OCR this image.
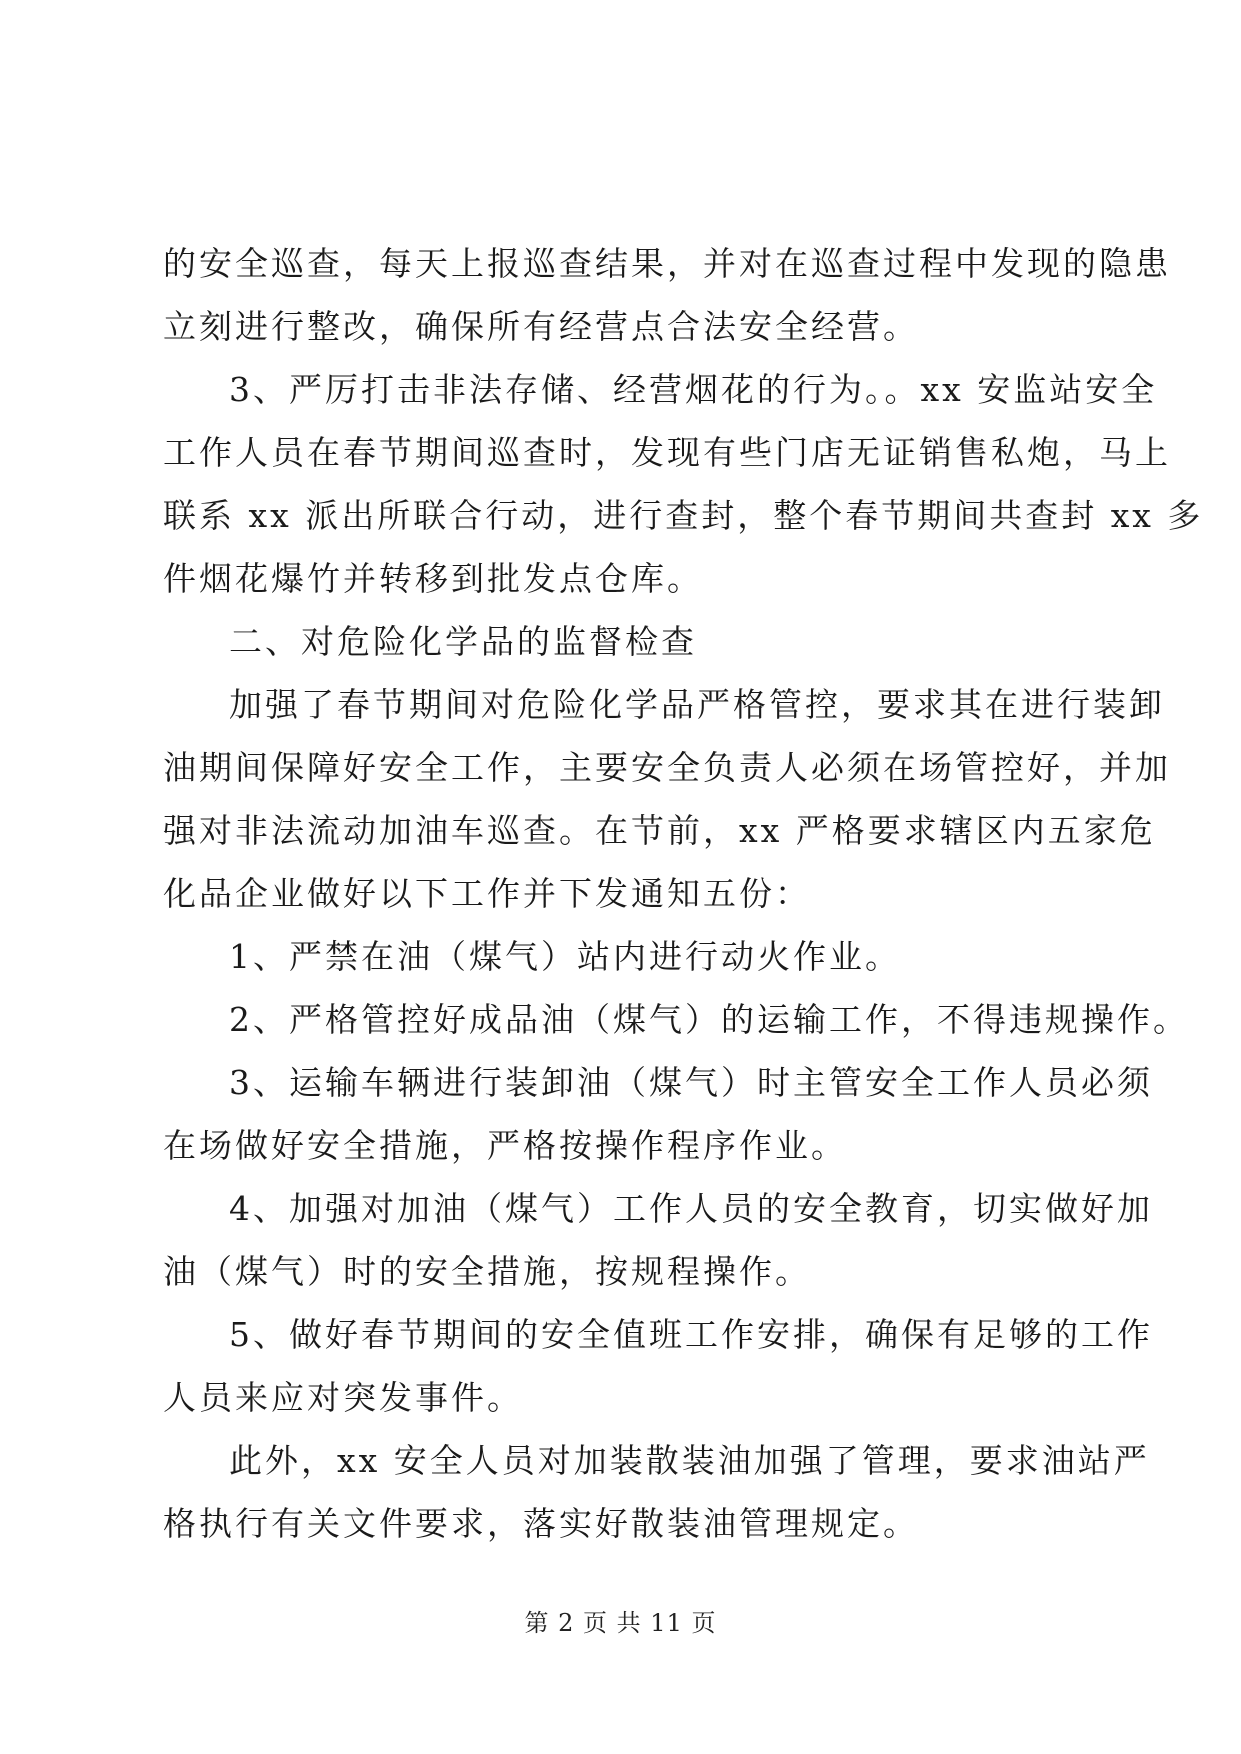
的安全巡查，每天上报巡查结果，并对在巡查过程中发现的隐患
立刻进行整改，确保所有经营点合法安全经营。

3、严厉打击非法存储、经营烟花的行为。。xx 安监站安全
工作人员在春节期间巡查时，发现有些门店无证销售私炮，马上
联系 xx 派出所联合行动，进行查封，整个春节期间共查封 xx 多
件烟花爆竹并转移到批发点仓库。

二、对危险化学品的监督检查

加强了春节期间对危险化学品严格管控，要求其在进行装卸
油期间保障好安全工作，主要安全负责人必须在场管控好，并加
强对非法流动加油车巡查。在节前，xx 严格要求辖区内五家危
化品企业做好以下工作并下发通知五份：

1、严禁在油（煤气）站内进行动火作业。

2、严格管控好成品油（煤气）的运输工作，不得违规操作。

3、运输车辆进行装卸油（煤气）时主管安全工作人员必须
在场做好安全措施，严格按操作程序作业。

4、加强对加油（煤气）工作人员的安全教育，切实做好加
油（煤气）时的安全措施，按规程操作。

5、做好春节期间的安全值班工作安排，确保有足够的工作
人员来应对突发事件。

此外，xx 安全人员对加装散装油加强了管理，要求油站严
格执行有关文件要求，落实好散装油管理规定。

第 2 页 共 11 页
